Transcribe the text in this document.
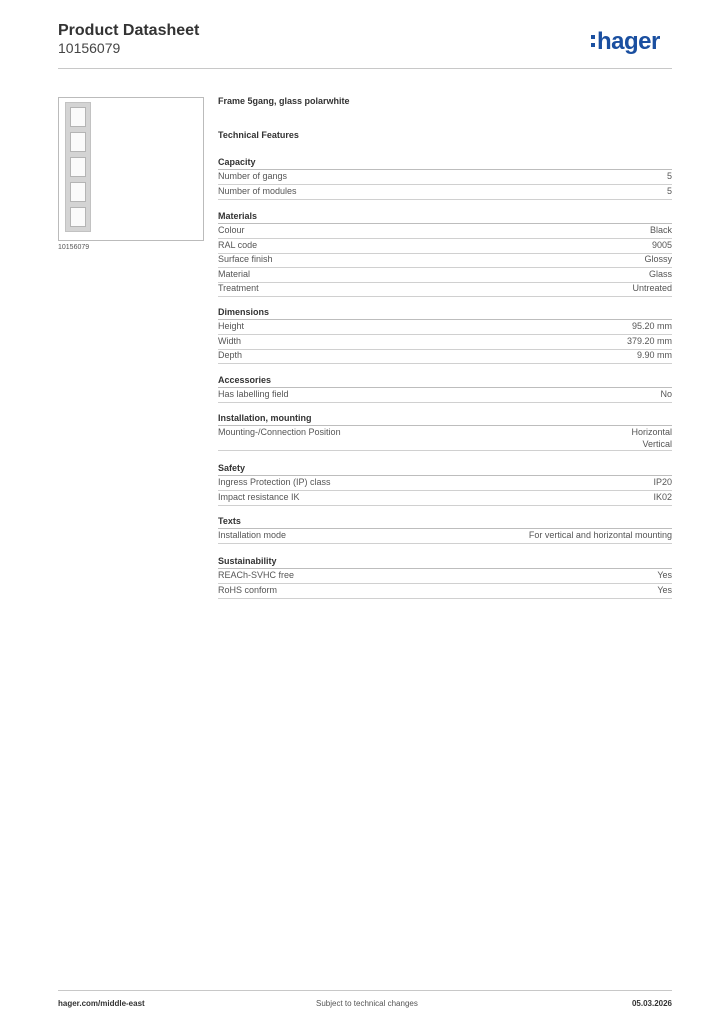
Product Datasheet
10156079	hager
10156079
Frame 5gang, glass polarwhite
Technical Features
Capacity
Number of gangs	5
Number of modules	5
Materials
Colour	Black
RAL code	9005
Surface finish	Glossy
Material	Glass
Treatment	Untreated
Dimensions
Height	95.20 mm
Width	379.20 mm
Depth	9.90 mm
Accessories
Has labelling field	No
Installation, mounting
Mounting-/Connection Position	Horizontal
Vertical
Safety
Ingress Protection (IP) class	IP20
Impact resistance IK	IK02
Texts
Installation mode	For vertical and horizontal mounting
Sustainability
REACh-SVHC free	Yes
RoHS conform	Yes
hager.com/middle-east	Subject to technical changes	05.03.2026
